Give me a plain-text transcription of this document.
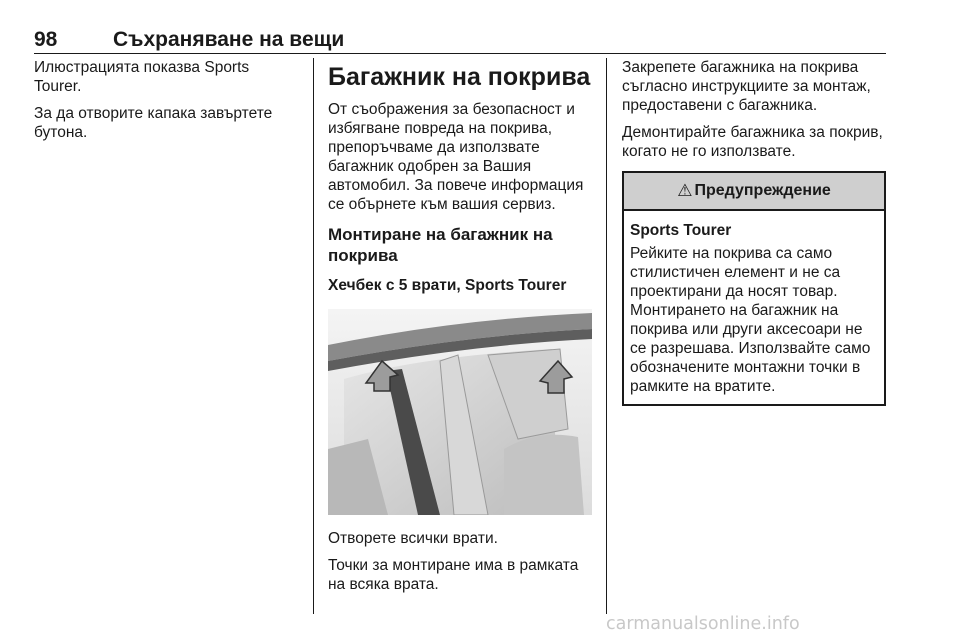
98	Съхраняване на вещи

Илюстрацията показва Sports Tourer.

За да отворите капака завъртете бутона.

Багажник на покрива

От съображения за безопасност и избягване повреда на покрива, препоръчваме да използвате багажник одобрен за Вашия автомобил. За повече информация се обърнете към вашия сервиз.

Монтиране на багажник на покрива
Хечбек с 5 врати, Sports Tourer

Отворете всички врати.

Точки за монтиране има в рамката на всяка врата.

Закрепете багажника на покрива съгласно инструкциите за монтаж, предоставени с багажника.

Демонтирайте багажника за покрив, когато не го използвате.

⚠ Предупреждение
Sports Tourer

Рейките на покрива са само стилистичен елемент и не са проектирани да носят товар. Монтирането на багажник на покрива или други аксесоари не се разрешава. Използвайте само обозначените монтажни точки в рамките на вратите.

carmanualsonline.info
